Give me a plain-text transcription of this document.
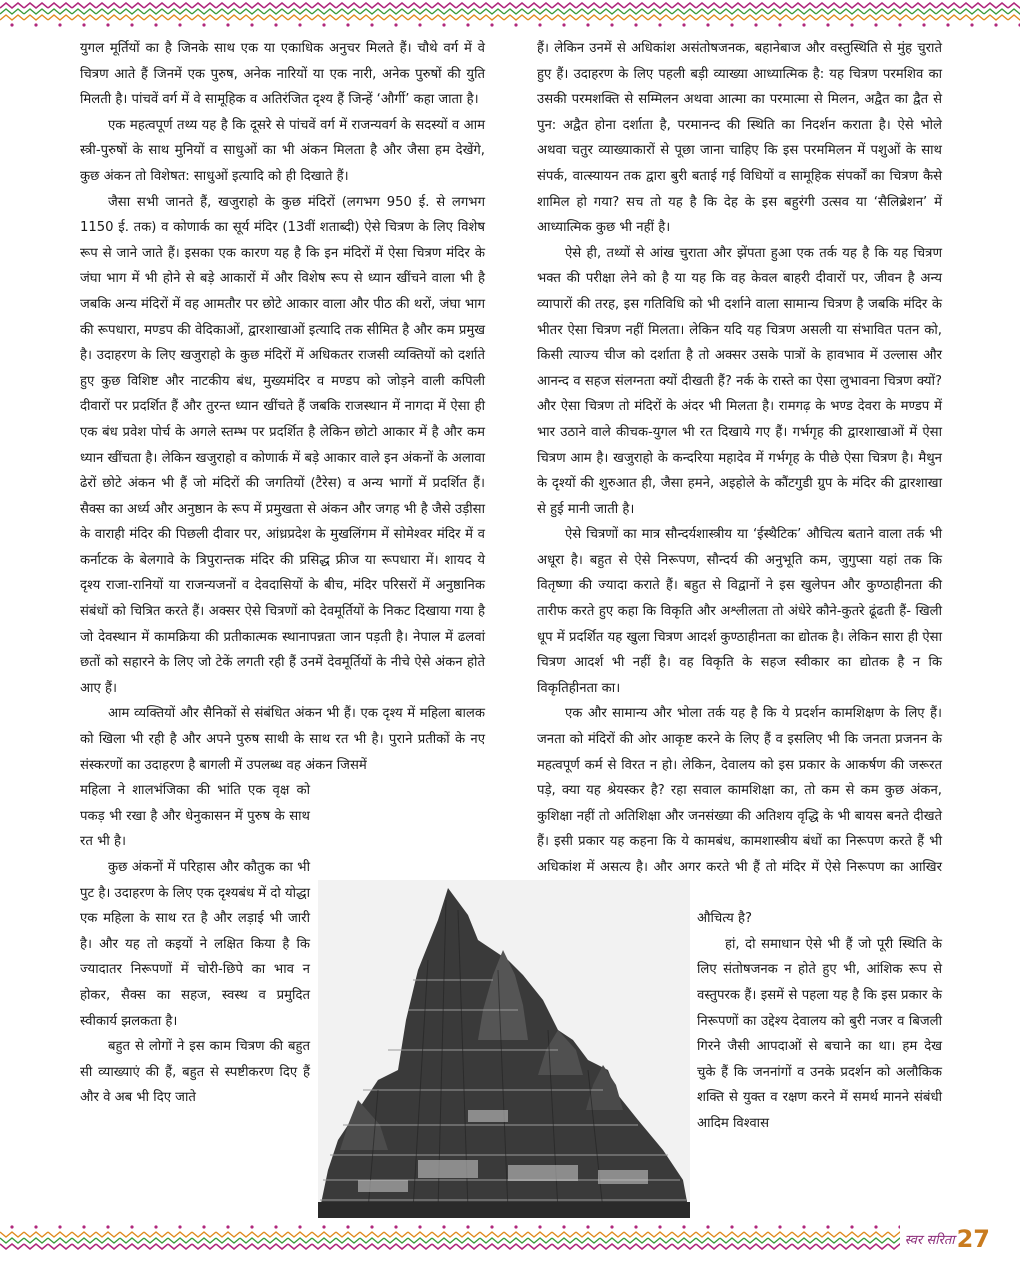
युगल मूर्तियों का है जिनके साथ एक या एकाधिक अनुचर मिलते हैं। चौथे वर्ग में वे चित्रण आते हैं जिनमें एक पुरुष, अनेक नारियों या एक नारी, अनेक पुरुषों की युति मिलती है। पांचवें वर्ग में वे सामूहिक व अतिरंजित दृश्य हैं जिन्हें ‘और्गी’ कहा जाता है।

एक महत्वपूर्ण तथ्य यह है कि दूसरे से पांचवें वर्ग में राजन्यवर्ग के सदस्यों व आम स्त्री-पुरुषों के साथ मुनियों व साधुओं का भी अंकन मिलता है और जैसा हम देखेंगे, कुछ अंकन तो विशेषत: साधुओं इत्यादि को ही दिखाते हैं।

जैसा सभी जानते हैं, खजुराहो के कुछ मंदिरों (लगभग 950 ई. से लगभग 1150 ई. तक) व कोणार्क का सूर्य मंदिर (13वीं शताब्दी) ऐसे चित्रण के लिए विशेष रूप से जाने जाते हैं। इसका एक कारण यह है कि इन मंदिरों में ऐसा चित्रण मंदिर के जंघा भाग में भी होने से बड़े आकारों में और विशेष रूप से ध्यान खींचने वाला भी है जबकि अन्य मंदिरों में वह आमतौर पर छोटे आकार वाला और पीठ की थरों, जंघा भाग की रूपधारा, मण्डप की वेदिकाओं, द्वारशाखाओं इत्यादि तक सीमित है और कम प्रमुख है। उदाहरण के लिए खजुराहो के कुछ मंदिरों में अधिकतर राजसी व्यक्तियों को दर्शाते हुए कुछ विशिष्ट और नाटकीय बंध, मुख्यमंदिर व मण्डप को जोड़ने वाली कपिली दीवारों पर प्रदर्शित हैं और तुरन्त ध्यान खींचते हैं जबकि राजस्थान में नागदा में ऐसा ही एक बंध प्रवेश पोर्च के अगले स्तम्भ पर प्रदर्शित है लेकिन छोटो आकार में है और कम ध्यान खींचता है। लेकिन खजुराहो व कोणार्क में बड़े आकार वाले इन अंकनों के अलावा ढेरों छोटे अंकन भी हैं जो मंदिरों की जगतियों (टैरेस) व अन्य भागों में प्रदर्शित हैं। सैक्स का अर्ध्य और अनुष्ठान के रूप में प्रमुखता से अंकन और जगह भी है जैसे उड़ीसा के वाराही मंदिर की पिछली दीवार पर, आंध्रप्रदेश के मुखलिंगम में सोमेश्वर मंदिर में व कर्नाटक के बेलगावे के त्रिपुरान्तक मंदिर की प्रसिद्ध फ्रीज या रूपधारा में। शायद ये दृश्य राजा-रानियों या राजन्यजनों व देवदासियों के बीच, मंदिर परिसरों में अनुष्ठानिक संबंधों को चित्रित करते हैं। अक्सर ऐसे चित्रणों को देवमूर्तियों के निकट दिखाया गया है जो देवस्थान में कामक्रिया की प्रतीकात्मक स्थानापन्नता जान पड़ती है। नेपाल में ढलवां छतों को सहारने के लिए जो टेकें लगती रही हैं उनमें देवमूर्तियों के नीचे ऐसे अंकन होते आए हैं।

आम व्यक्तियों और सैनिकों से संबंधित अंकन भी हैं। एक दृश्य में महिला बालक को खिला भी रही है और अपने पुरुष साथी के साथ रत भी है। पुराने प्रतीकों के नए संस्करणों का उदाहरण है बागली में उपलब्ध वह अंकन जिसमें

महिला ने शालभंजिका की भांति एक वृक्ष को पकड़ भी रखा है और धेनुकासन में पुरुष के साथ रत भी है।

कुछ अंकनों में परिहास और कौतुक का भी पुट है। उदाहरण के लिए एक दृश्यबंध में दो योद्धा एक महिला के साथ रत है और लड़ाई भी जारी है। और यह तो कइयों ने लक्षित किया है कि ज्यादातर निरूपणों में चोरी-छिपे का भाव न होकर, सैक्स का सहज, स्वस्थ व प्रमुदित स्वीकार्य झलकता है।

बहुत से लोगों ने इस काम चित्रण की बहुत सी व्याख्याएं की हैं, बहुत से स्पष्टीकरण दिए हैं और वे अब भी दिए जाते

हैं। लेकिन उनमें से अधिकांश असंतोषजनक, बहानेबाज और वस्तुस्थिति से मुंह चुराते हुए हैं। उदाहरण के लिए पहली बड़ी व्याख्या आध्यात्मिक है: यह चित्रण परमशिव का उसकी परमशक्ति से सम्मिलन अथवा आत्मा का परमात्मा से मिलन, अद्वैत का द्वैत से पुन: अद्वैत होना दर्शाता है, परमानन्द की स्थिति का निदर्शन कराता है। ऐसे भोले अथवा चतुर व्याख्याकारों से पूछा जाना चाहिए कि इस परममिलन में पशुओं के साथ संपर्क, वात्स्यायन तक द्वारा बुरी बताई गई विधियों व सामूहिक संपर्कों का चित्रण कैसे शामिल हो गया? सच तो यह है कि देह के इस बहुरंगी उत्सव या ‘सैलिब्रेशन’ में आध्यात्मिक कुछ भी नहीं है।

ऐसे ही, तथ्यों से आंख चुराता और झेंपता हुआ एक तर्क यह है कि यह चित्रण भक्त की परीक्षा लेने को है या यह कि वह केवल बाहरी दीवारों पर, जीवन है अन्य व्यापारों की तरह, इस गतिविधि को भी दर्शाने वाला सामान्य चित्रण है जबकि मंदिर के भीतर ऐसा चित्रण नहीं मिलता। लेकिन यदि यह चित्रण असली या संभावित पतन को, किसी त्याज्य चीज को दर्शाता है तो अक्सर उसके पात्रों के हावभाव में उल्लास और आनन्द व सहज संलग्नता क्यों दीखती हैं? नर्क के रास्ते का ऐसा लुभावना चित्रण क्यों? और ऐसा चित्रण तो मंदिरों के अंदर भी मिलता है। रामगढ़ के भण्ड देवरा के मण्डप में भार उठाने वाले कीचक-युगल भी रत दिखाये गए हैं। गर्भगृह की द्वारशाखाओं में ऐसा चित्रण आम है। खजुराहो के कन्दरिया महादेव में गर्भगृह के पीछे ऐसा चित्रण है। मैथुन के दृश्यों की शुरुआत ही, जैसा हमने, अइहोले के कौंटगुडी ग्रुप के मंदिर की द्वारशाखा से हुई मानी जाती है।

ऐसे चित्रणों का मात्र सौन्दर्यशास्त्रीय या ‘ईस्थैटिक’ औचित्य बताने वाला तर्क भी अधूरा है। बहुत से ऐसे निरूपण, सौन्दर्य की अनुभूति कम, जुगुप्सा यहां तक कि वितृष्णा की ज्यादा कराते हैं। बहुत से विद्वानों ने इस खुलेपन और कुण्ठाहीनता की तारीफ करते हुए कहा कि विकृति और अश्लीलता तो अंधेरे कौने-कुतरे ढूंढती हैं- खिली धूप में प्रदर्शित यह खुला चित्रण आदर्श कुण्ठाहीनता का द्योतक है। लेकिन सारा ही ऐसा चित्रण आदर्श भी नहीं है। वह विकृति के सहज स्वीकार का द्योतक है न कि विकृतिहीनता का।

एक और सामान्य और भोला तर्क यह है कि ये प्रदर्शन कामशिक्षण के लिए हैं। जनता को मंदिरों की ओर आकृष्ट करने के लिए हैं व इसलिए भी कि जनता प्रजनन के महत्वपूर्ण कर्म से विरत न हो। लेकिन, देवालय को इस प्रकार के आकर्षण की जरूरत पड़े, क्या यह श्रेयस्कर है? रहा सवाल कामशिक्षा का, तो कम से कम कुछ अंकन, कुशिक्षा नहीं तो अतिशिक्षा और जनसंख्या की अतिशय वृद्धि के भी बायस बनते दीखते हैं। इसी प्रकार यह कहना कि ये कामबंध, कामशास्त्रीय बंधों का निरूपण करते हैं भी अधिकांश में असत्य है। और अगर करते भी हैं तो मंदिर में ऐसे निरूपण का आखिर

औचित्य है?

हां, दो समाधान ऐसे भी हैं जो पूरी स्थिति के लिए संतोषजनक न होते हुए भी, आंशिक रूप से वस्तुपरक हैं। इसमें से पहला यह है कि इस प्रकार के निरूपणों का उद्देश्य देवालय को बुरी नजर व बिजली गिरने जैसी आपदाओं से बचाने का था। हम देख चुके हैं कि जननांगों व उनके प्रदर्शन को अलौकिक शक्ति से युक्त व रक्षण करने में समर्थ मानने संबंधी आदिम विश्वास

स्वर सरिता 27
